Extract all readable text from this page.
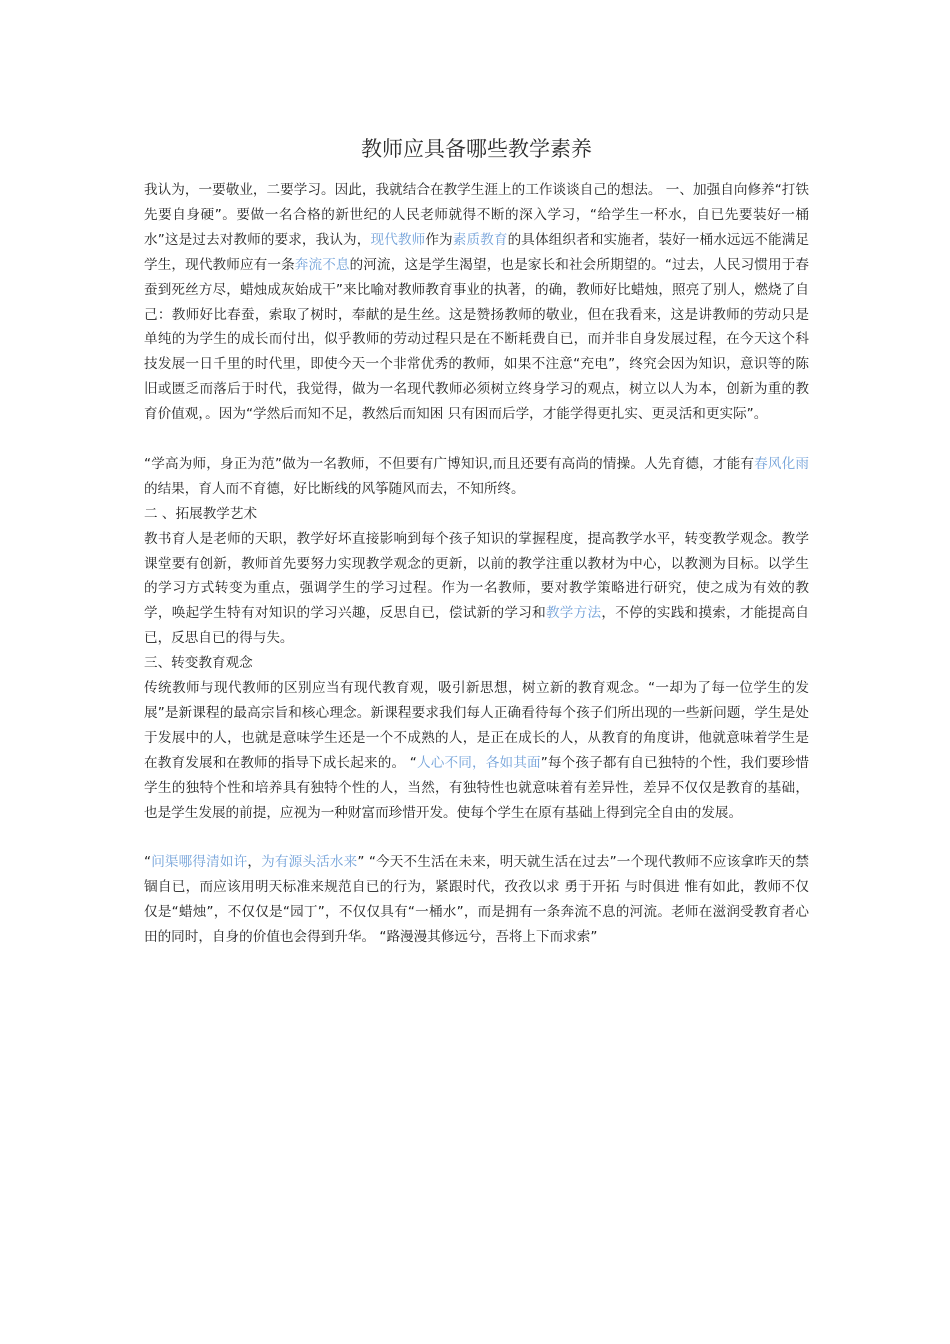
教师应具备哪些教学素养

我认为，一要敬业，二要学习。因此，我就结合在教学生涯上的工作谈谈自己的想法。 一、加强自向修养“打铁先要自身硬”。要做一名合格的新世纪的人民老师就得不断的深入学习，“给学生一杯水，自已先要装好一桶水”这是过去对教师的要求，我认为，现代教师作为素质教育的具体组织者和实施者，装好一桶水远远不能满足学生，现代教师应有一条奔流不息的河流，这是学生渴望，也是家长和社会所期望的。“过去，人民习惯用于春蚕到死丝方尽，蜡烛成灰始成干”来比喻对教师教育事业的执著，的确，教师好比蜡烛，照亮了别人，燃烧了自己：教师好比春蚕，索取了树时，奉献的是生丝。这是赞扬教师的敬业，但在我看来，这是讲教师的劳动只是单纯的为学生的成长而付出，似乎教师的劳动过程只是在不断耗费自已，而并非自身发展过程，在今天这个科技发展一日千里的时代里，即使今天一个非常优秀的教师，如果不注意“充电”，终究会因为知识，意识等的陈旧或匮乏而落后于时代，我觉得，做为一名现代教师必须树立终身学习的观点，树立以人为本，创新为重的教育价值观，。因为“学然后而知不足，教然后而知困 只有困而后学，才能学得更扎实、更灵活和更实际”。

“学高为师，身正为范”做为一名教师，不但要有广博知识,而且还要有高尚的情操。人先育德，才能有春风化雨的结果，育人而不育德，好比断线的风筝随风而去，不知所终。

二 、拓展教学艺术

教书育人是老师的天职，教学好坏直接影响到每个孩子知识的掌握程度，提高教学水平，转变教学观念。教学课堂要有创新，教师首先要努力实现教学观念的更新，以前的教学注重以教材为中心，以教测为目标。以学生的学习方式转变为重点，强调学生的学习过程。作为一名教师，要对教学策略进行研究，使之成为有效的教学，唤起学生特有对知识的学习兴趣，反思自已，偿试新的学习和教学方法，不停的实践和摸索，才能提高自已，反思自已的得与失。

三、转变教育观念

传统教师与现代教师的区别应当有现代教育观，吸引新思想，树立新的教育观念。“一却为了每一位学生的发展”是新课程的最高宗旨和核心理念。新课程要求我们每人正确看待每个孩子们所出现的一些新问题，学生是处于发展中的人，也就是意味学生还是一个不成熟的人，是正在成长的人，从教育的角度讲，他就意味着学生是在教育发展和在教师的指导下成长起来的。 “人心不同，各如其面”每个孩子都有自已独特的个性，我们要珍惜学生的独特个性和培养具有独特个性的人，当然，有独特性也就意味着有差异性，差异不仅仅是教育的基础，也是学生发展的前提，应视为一种财富而珍惜开发。使每个学生在原有基础上得到完全自由的发展。

“问渠哪得清如许，为有源头活水来” “今天不生活在未来，明天就生活在过去”一个现代教师不应该拿昨天的禁锢自已，而应该用明天标准来规范自已的行为，紧跟时代，孜孜以求 勇于开拓 与时俱进 惟有如此，教师不仅仅是“蜡烛”，不仅仅是“园丁”，不仅仅具有“一桶水”，而是拥有一条奔流不息的河流。老师在滋润受教育者心田的同时，自身的价值也会得到升华。 “路漫漫其修远兮，吾将上下而求索”
